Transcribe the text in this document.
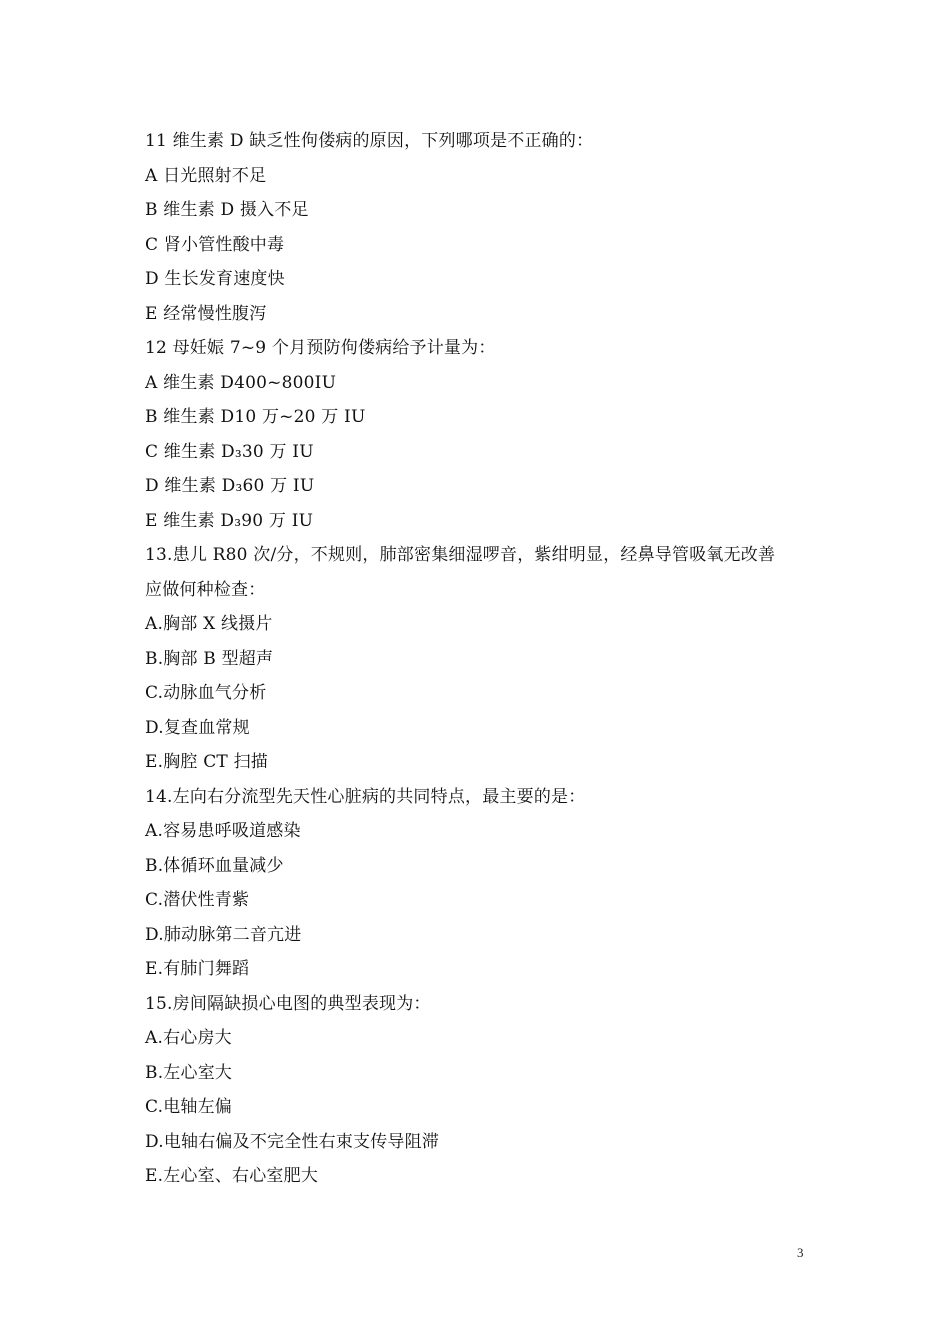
11 维生素 D 缺乏性佝偻病的原因，下列哪项是不正确的：
A 日光照射不足
B 维生素 D 摄入不足
C 肾小管性酸中毒
D 生长发育速度快
E 经常慢性腹泻
12 母妊娠 7~9 个月预防佝偻病给予计量为：
A 维生素 D400~800IU
B 维生素 D10 万~20 万 IU
C 维生素 D₃30 万 IU
D 维生素 D₃60 万 IU
E 维生素 D₃90 万 IU
13.患儿 R80 次/分，不规则，肺部密集细湿啰音，紫绀明显，经鼻导管吸氧无改善
应做何种检查：
A.胸部 X 线摄片
B.胸部 B 型超声
C.动脉血气分析
D.复查血常规
E.胸腔 CT 扫描
14.左向右分流型先天性心脏病的共同特点，最主要的是：
A.容易患呼吸道感染
B.体循环血量减少
C.潜伏性青紫
D.肺动脉第二音亢进
E.有肺门舞蹈
15.房间隔缺损心电图的典型表现为：
A.右心房大
B.左心室大
C.电轴左偏
D.电轴右偏及不完全性右束支传导阻滞
E.左心室、右心室肥大
3
